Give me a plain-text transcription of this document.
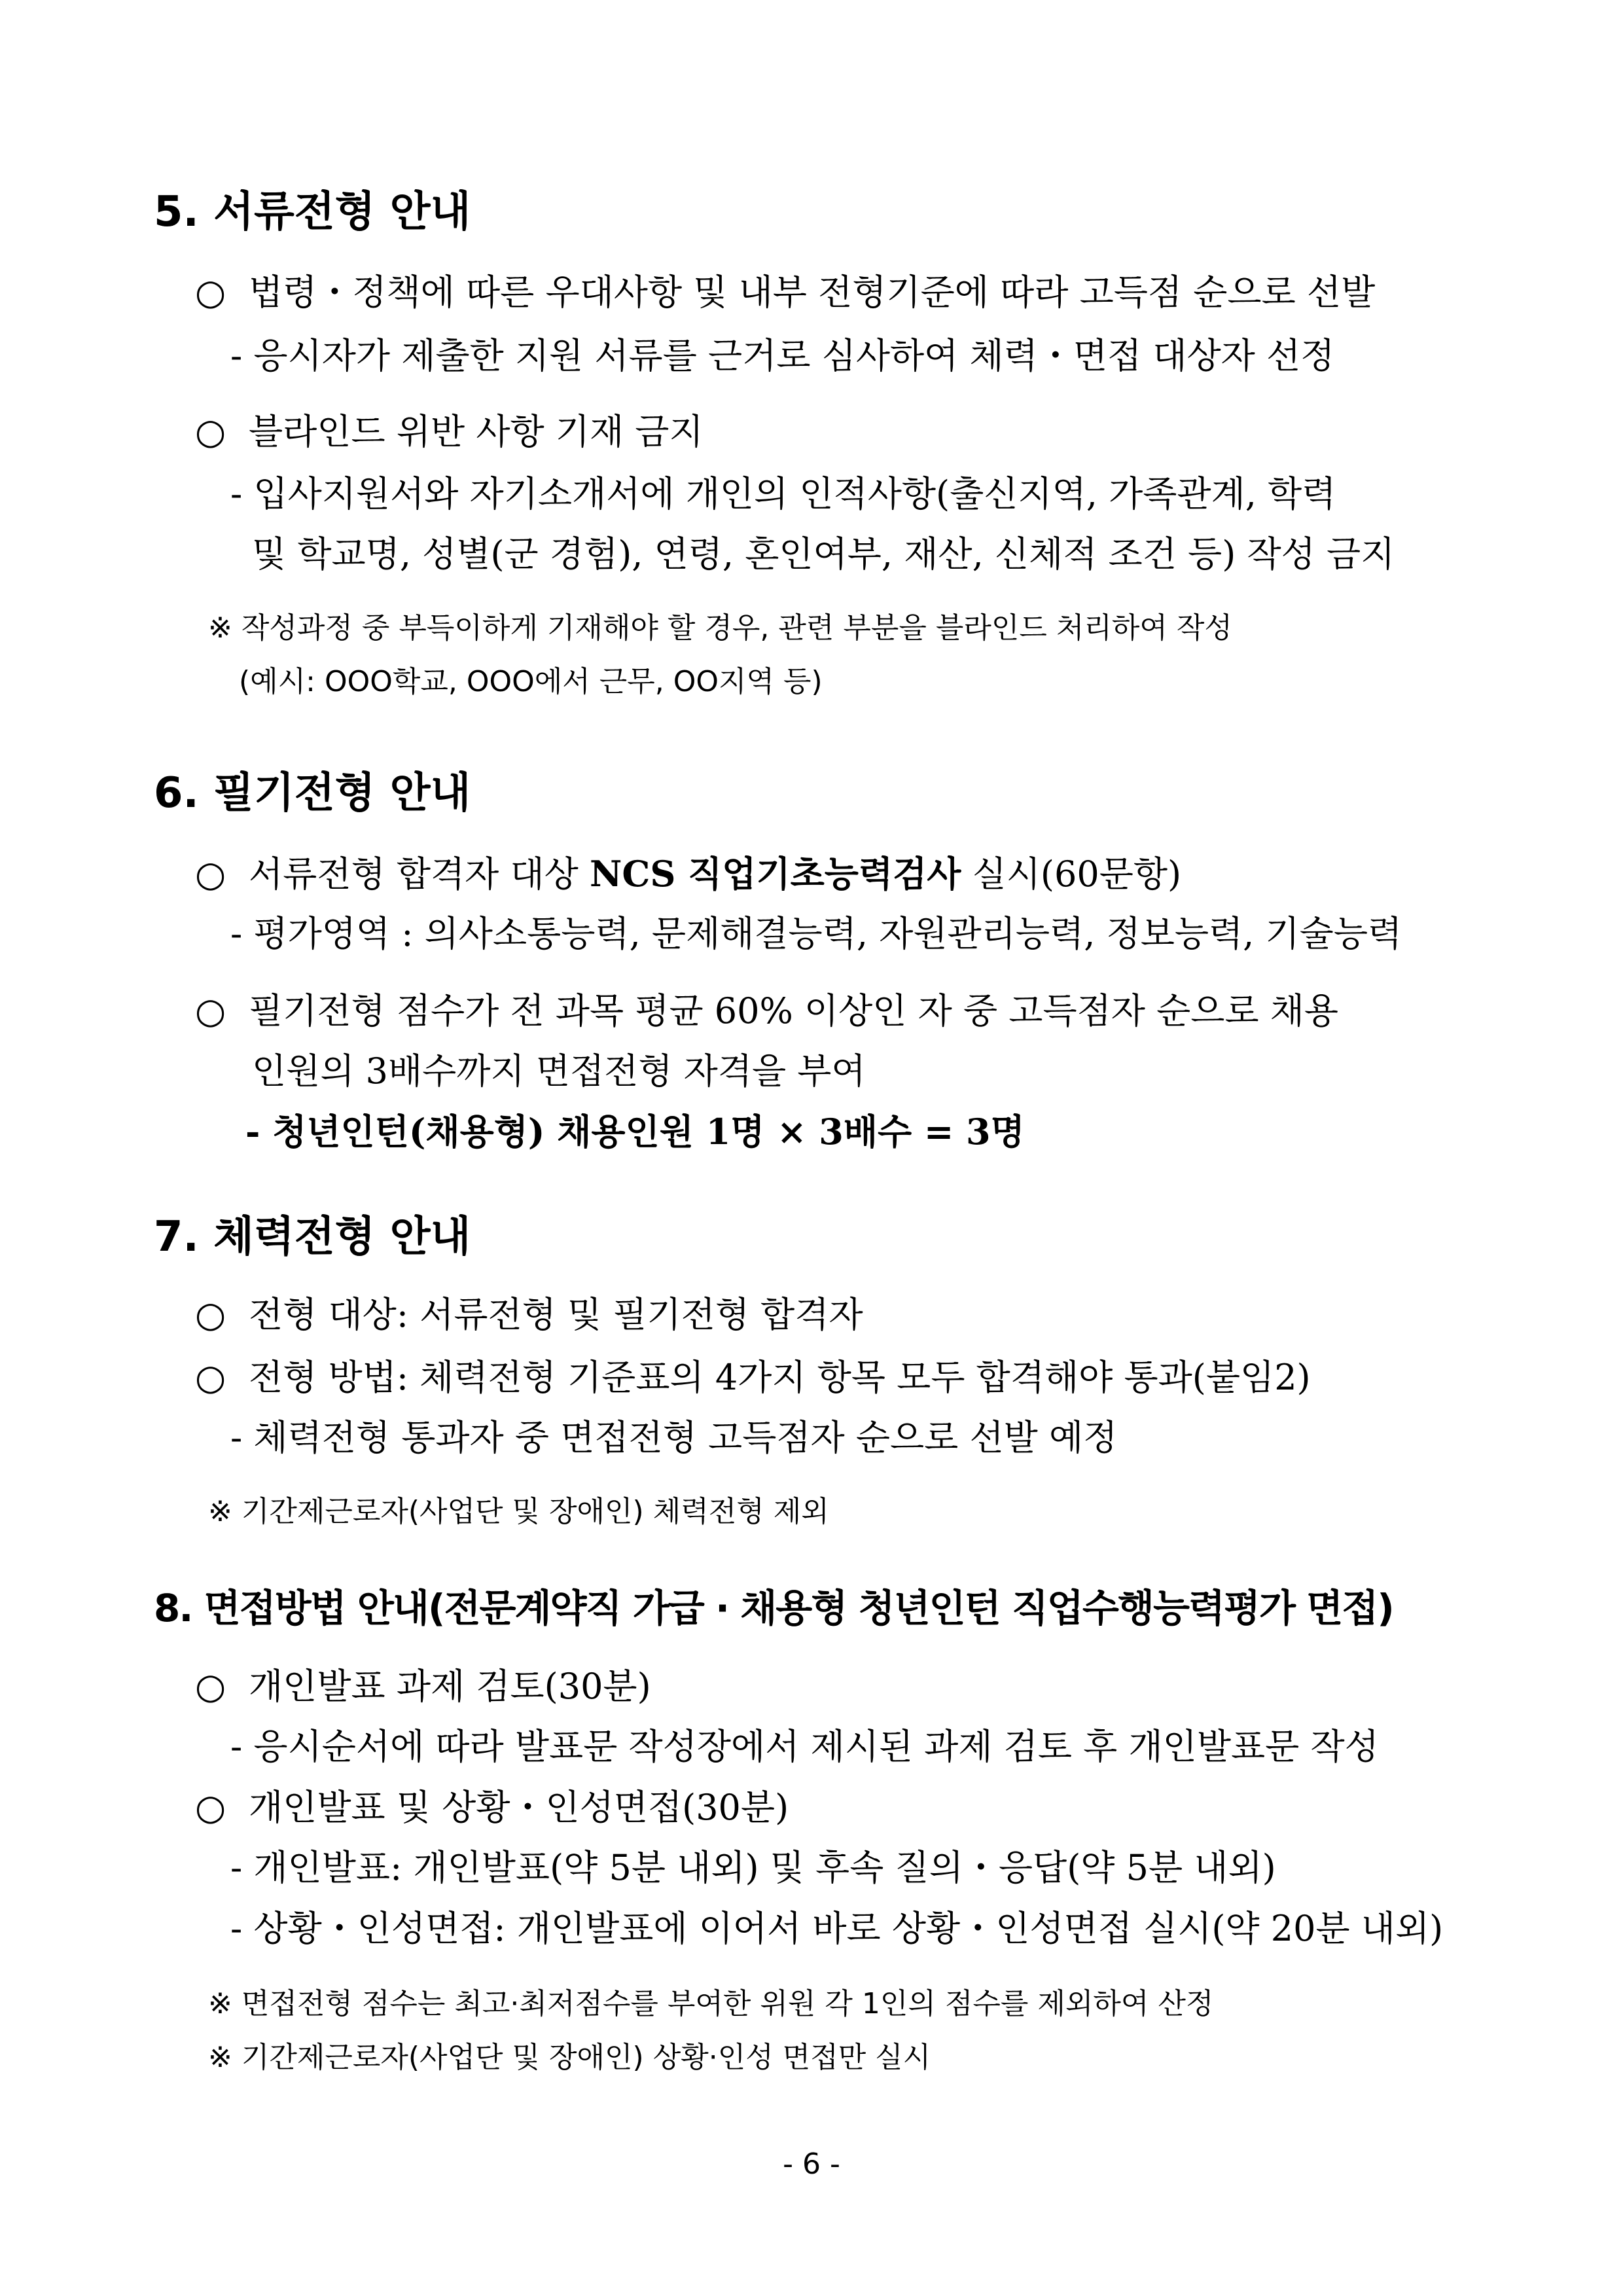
5. 서류전형 안내
○ 법령・정책에 따른 우대사항 및 내부 전형기준에 따라 고득점 순으로 선발
- 응시자가 제출한 지원 서류를 근거로 심사하여 체력・면접 대상자 선정
○ 블라인드 위반 사항 기재 금지
- 입사지원서와 자기소개서에 개인의 인적사항(출신지역, 가족관계, 학력
및 학교명, 성별(군 경험), 연령, 혼인여부, 재산, 신체적 조건 등) 작성 금지
※ 작성과정 중 부득이하게 기재해야 할 경우, 관련 부분을 블라인드 처리하여 작성
(예시: OOO학교, OOO에서 근무, OO지역 등)
6. 필기전형 안내
○ 서류전형 합격자 대상 NCS 직업기초능력검사 실시(60문항)
- 평가영역 : 의사소통능력, 문제해결능력, 자원관리능력, 정보능력, 기술능력
○ 필기전형 점수가 전 과목 평균 60% 이상인 자 중 고득점자 순으로 채용
인원의 3배수까지 면접전형 자격을 부여
- 청년인턴(채용형) 채용인원 1명 × 3배수 = 3명
7. 체력전형 안내
○ 전형 대상: 서류전형 및 필기전형 합격자
○ 전형 방법: 체력전형 기준표의 4가지 항목 모두 합격해야 통과(붙임2)
- 체력전형 통과자 중 면접전형 고득점자 순으로 선발 예정
※ 기간제근로자(사업단 및 장애인) 체력전형 제외
8. 면접방법 안내(전문계약직 가급 · 채용형 청년인턴 직업수행능력평가 면접)
○ 개인발표 과제 검토(30분)
- 응시순서에 따라 발표문 작성장에서 제시된 과제 검토 후 개인발표문 작성
○ 개인발표 및 상황・인성면접(30분)
- 개인발표: 개인발표(약 5분 내외) 및 후속 질의・응답(약 5분 내외)
- 상황・인성면접: 개인발표에 이어서 바로 상황・인성면접 실시(약 20분 내외)
※ 면접전형 점수는 최고·최저점수를 부여한 위원 각 1인의 점수를 제외하여 산정
※ 기간제근로자(사업단 및 장애인) 상황·인성 면접만 실시
- 6 -
